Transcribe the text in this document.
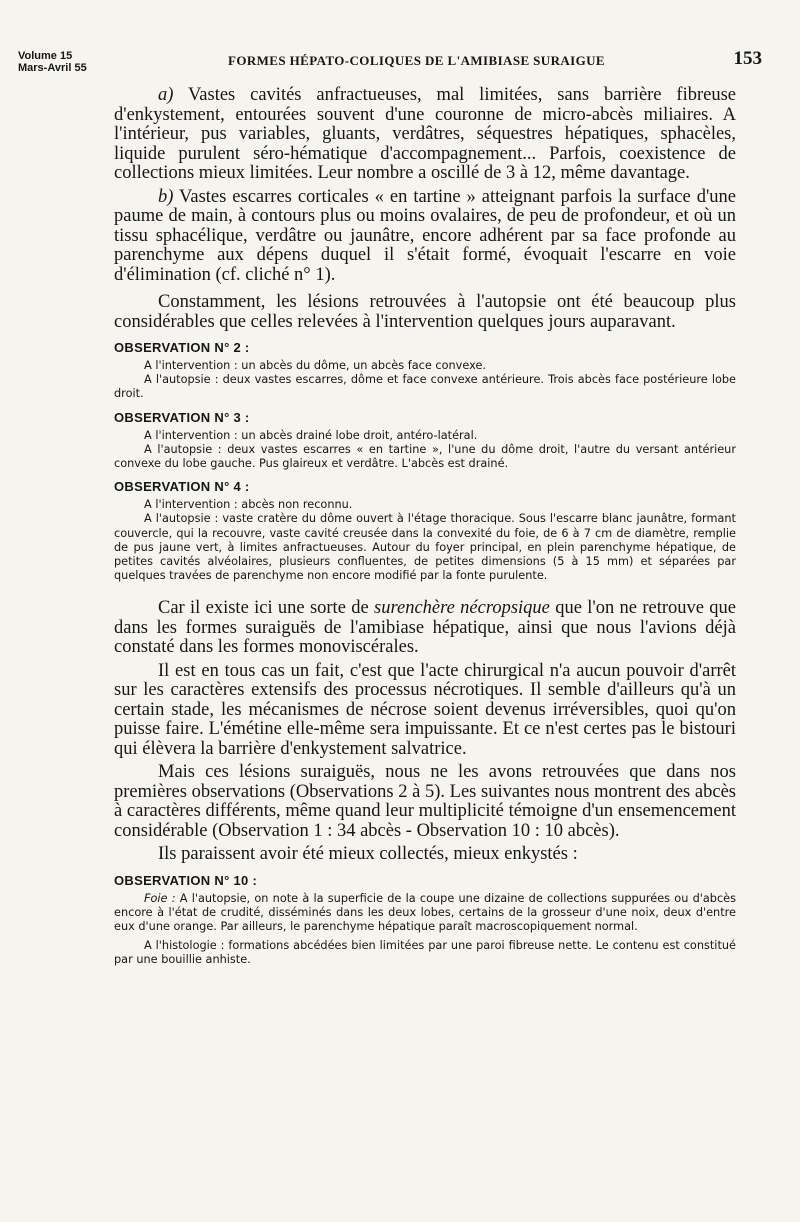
Volume 15
Mars-Avril 55	FORMES HÉPATO-COLIQUES DE L'AMIBIASE SURAIGUE	153

a) Vastes cavités anfractueuses, mal limitées, sans barrière fibreuse d'enkystement, entourées souvent d'une couronne de micro-abcès miliaires. A l'intérieur, pus variables, gluants, verdâtres, séquestres hépatiques, sphacèles, liquide purulent séro-hématique d'accompagnement... Parfois, coexistence de collections mieux limitées. Leur nombre a oscillé de 3 à 12, même davantage.

b) Vastes escarres corticales « en tartine » atteignant parfois la surface d'une paume de main, à contours plus ou moins ovalaires, de peu de profondeur, et où un tissu sphacélique, verdâtre ou jaunâtre, encore adhérent par sa face profonde au parenchyme aux dépens duquel il s'était formé, évoquait l'escarre en voie d'élimination (cf. cliché n° 1).

Constamment, les lésions retrouvées à l'autopsie ont été beaucoup plus considérables que celles relevées à l'intervention quelques jours auparavant.

OBSERVATION N° 2 :

A l'intervention : un abcès du dôme, un abcès face convexe.

A l'autopsie : deux vastes escarres, dôme et face convexe antérieure. Trois abcès face postérieure lobe droit.

OBSERVATION N° 3 :

A l'intervention : un abcès drainé lobe droit, antéro-latéral.

A l'autopsie : deux vastes escarres « en tartine », l'une du dôme droit, l'autre du versant antérieur convexe du lobe gauche. Pus glaireux et verdâtre. L'abcès est drainé.

OBSERVATION N° 4 :

A l'intervention : abcès non reconnu.

A l'autopsie : vaste cratère du dôme ouvert à l'étage thoracique. Sous l'escarre blanc jaunâtre, formant couvercle, qui la recouvre, vaste cavité creusée dans la convexité du foie, de 6 à 7 cm de diamètre, remplie de pus jaune vert, à limites anfractueuses. Autour du foyer principal, en plein parenchyme hépatique, de petites cavités alvéolaires, plusieurs confluentes, de petites dimensions (5 à 15 mm) et séparées par quelques travées de parenchyme non encore modifié par la fonte purulente.

Car il existe ici une sorte de surenchère nécropsique que l'on ne retrouve que dans les formes suraiguës de l'amibiase hépatique, ainsi que nous l'avions déjà constaté dans les formes monoviscérales.

Il est en tous cas un fait, c'est que l'acte chirurgical n'a aucun pouvoir d'arrêt sur les caractères extensifs des processus nécrotiques. Il semble d'ailleurs qu'à un certain stade, les mécanismes de nécrose soient devenus irréversibles, quoi qu'on puisse faire. L'émétine elle-même sera impuissante. Et ce n'est certes pas le bistouri qui élèvera la barrière d'enkystement salvatrice.

Mais ces lésions suraiguës, nous ne les avons retrouvées que dans nos premières observations (Observations 2 à 5). Les suivantes nous montrent des abcès à caractères différents, même quand leur multiplicité témoigne d'un ensemencement considérable (Observation 1 : 34 abcès - Observation 10 : 10 abcès).

Ils paraissent avoir été mieux collectés, mieux enkystés :

OBSERVATION N° 10 :

Foie : A l'autopsie, on note à la superficie de la coupe une dizaine de collections suppurées ou d'abcès encore à l'état de crudité, disséminés dans les deux lobes, certains de la grosseur d'une noix, deux d'entre eux d'une orange. Par ailleurs, le parenchyme hépatique paraît macroscopiquement normal.

A l'histologie : formations abcédées bien limitées par une paroi fibreuse nette. Le contenu est constitué par une bouillie anhiste.
